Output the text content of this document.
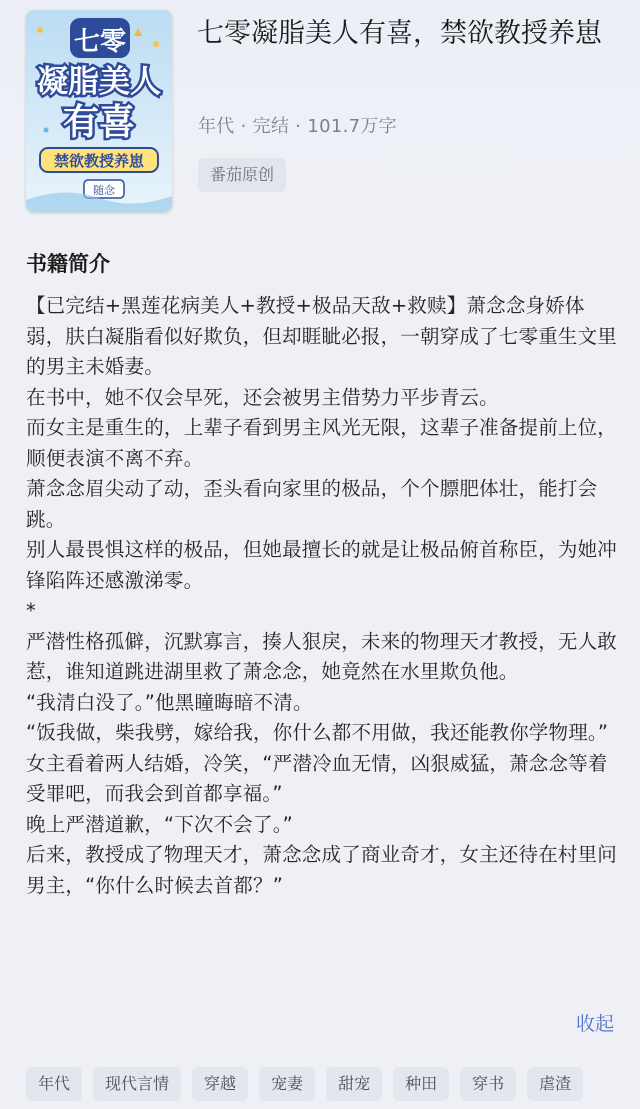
七零
凝脂美人
有喜
禁欲教授养崽
随念
七零凝脂美人有喜，禁欲教授养崽
年代 · 完结 · 101.7万字
番茄原创
书籍简介

【已完结+黑莲花病美人+教授+极品天敌+救赎】萧念念身娇体弱，肤白凝脂看似好欺负，但却睚眦必报，一朝穿成了七零重生文里的男主未婚妻。

在书中，她不仅会早死，还会被男主借势力平步青云。

而女主是重生的，上辈子看到男主风光无限，这辈子准备提前上位，顺便表演不离不弃。

萧念念眉尖动了动，歪头看向家里的极品，个个膘肥体壮，能打会跳。

别人最畏惧这样的极品，但她最擅长的就是让极品俯首称臣，为她冲锋陷阵还感激涕零。

*

严潜性格孤僻，沉默寡言，揍人狠戾，未来的物理天才教授，无人敢惹，谁知道跳进湖里救了萧念念，她竟然在水里欺负他。

“我清白没了。”他黑瞳晦暗不清。

“饭我做，柴我劈，嫁给我，你什么都不用做，我还能教你学物理。”

女主看着两人结婚，冷笑，“严潜冷血无情，凶狠威猛，萧念念等着受罪吧，而我会到首都享福。”

晚上严潜道歉，“下次不会了。”

后来，教授成了物理天才，萧念念成了商业奇才，女主还待在村里问男主，“你什么时候去首都？”

收起
年代	现代言情	穿越	宠妻	甜宠	种田	穿书	虐渣
